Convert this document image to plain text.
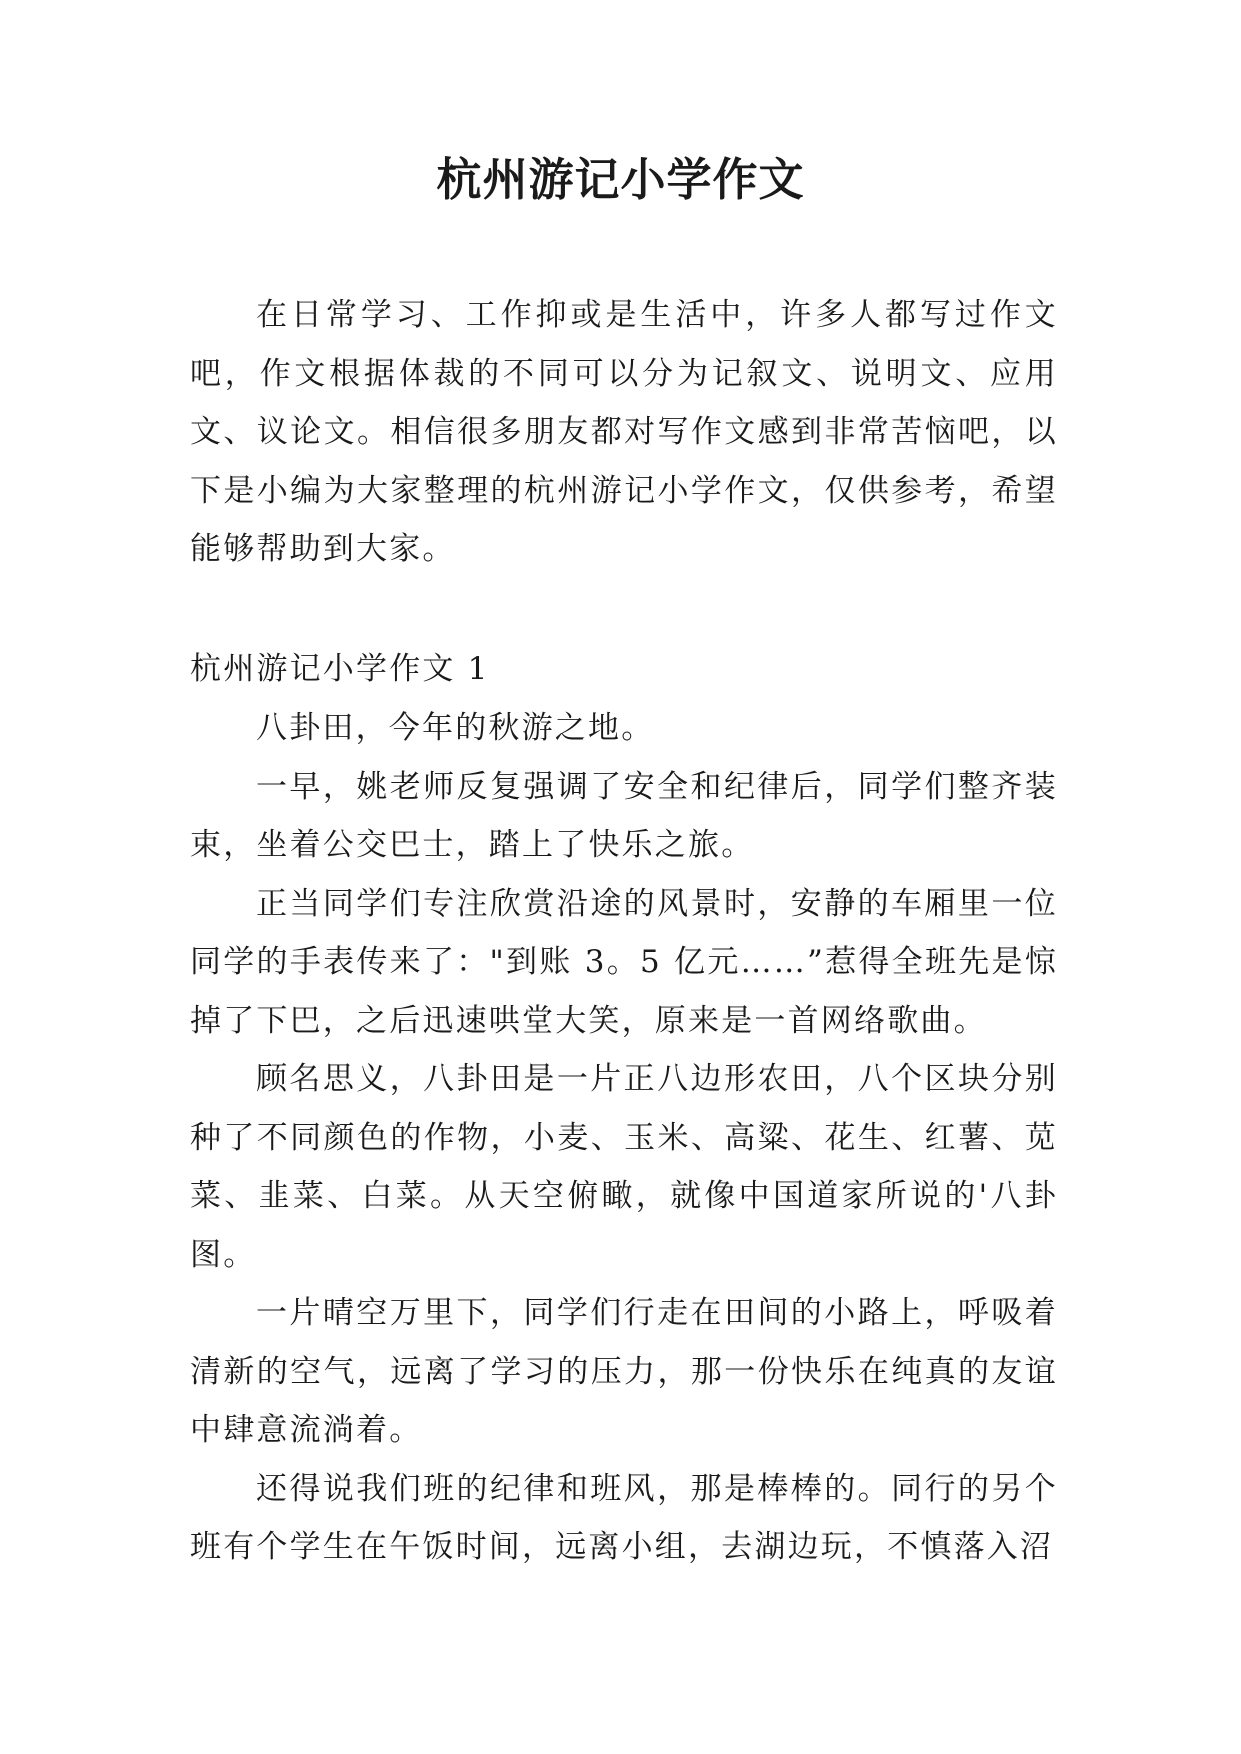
杭州游记小学作文

在日常学习、工作抑或是生活中，许多人都写过作文吧，作文根据体裁的不同可以分为记叙文、说明文、应用文、议论文。相信很多朋友都对写作文感到非常苦恼吧，以下是小编为大家整理的杭州游记小学作文，仅供参考，希望能够帮助到大家。

杭州游记小学作文 1

八卦田，今年的秋游之地。

一早，姚老师反复强调了安全和纪律后，同学们整齐装束，坐着公交巴士，踏上了快乐之旅。

正当同学们专注欣赏沿途的风景时，安静的车厢里一位同学的手表传来了："到账 3。5 亿元……”惹得全班先是惊掉了下巴，之后迅速哄堂大笑，原来是一首网络歌曲。

顾名思义，八卦田是一片正八边形农田，八个区块分别种了不同颜色的作物，小麦、玉米、高粱、花生、红薯、苋菜、韭菜、白菜。从天空俯瞰，就像中国道家所说的'八卦图。

一片晴空万里下，同学们行走在田间的小路上，呼吸着清新的空气，远离了学习的压力，那一份快乐在纯真的友谊中肆意流淌着。

还得说我们班的纪律和班风，那是棒棒的。同行的另个班有个学生在午饭时间，远离小组，去湖边玩，不慎落入沼
